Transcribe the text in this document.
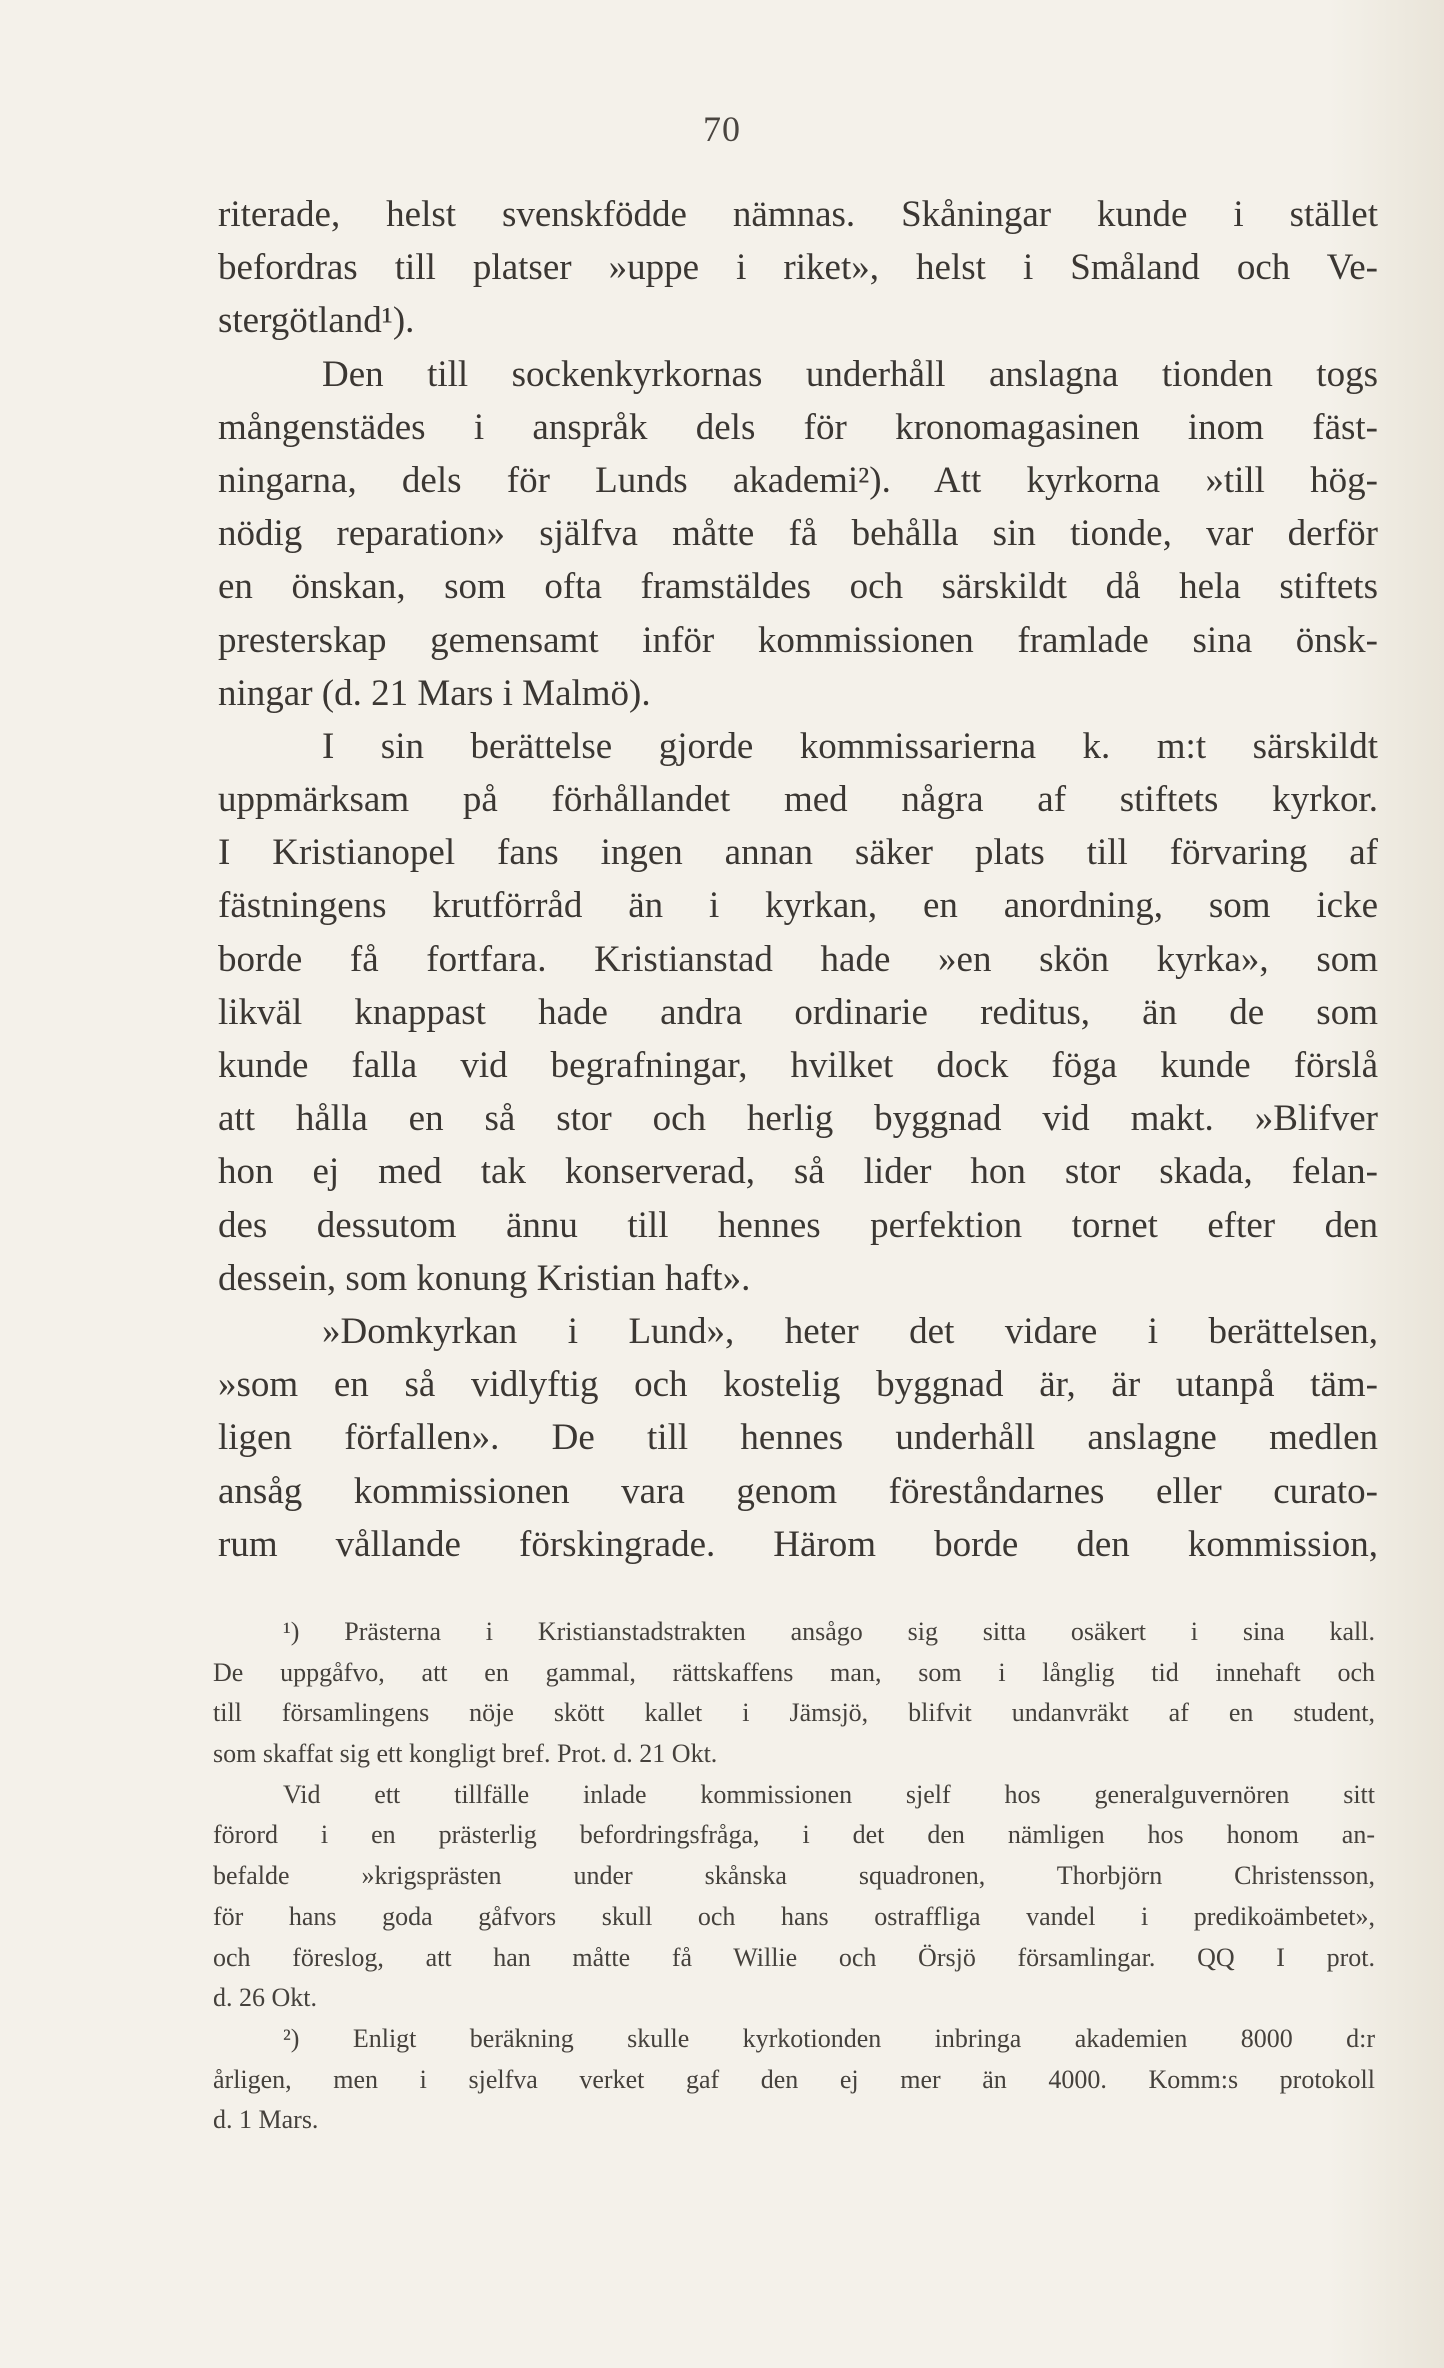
70
riterade, helst svenskfödde nämnas. Skåningar kunde i stället
befordras till platser »uppe i riket», helst i Småland och Ve-
stergötland¹).
Den till sockenkyrkornas underhåll anslagna tionden togs
mångenstädes i anspråk dels för kronomagasinen inom fäst-
ningarna, dels för Lunds akademi²). Att kyrkorna »till hög-
nödig reparation» själfva måtte få behålla sin tionde, var derför
en önskan, som ofta framstäldes och särskildt då hela stiftets
presterskap gemensamt inför kommissionen framlade sina önsk-
ningar (d. 21 Mars i Malmö).
I sin berättelse gjorde kommissarierna k. m:t särskildt
uppmärksam på förhållandet med några af stiftets kyrkor.
I Kristianopel fans ingen annan säker plats till förvaring af
fästningens krutförråd än i kyrkan, en anordning, som icke
borde få fortfara. Kristianstad hade »en skön kyrka», som
likväl knappast hade andra ordinarie reditus, än de som
kunde falla vid begrafningar, hvilket dock föga kunde förslå
att hålla en så stor och herlig byggnad vid makt. »Blifver
hon ej med tak konserverad, så lider hon stor skada, felan-
des dessutom ännu till hennes perfektion tornet efter den
dessein, som konung Kristian haft».
»Domkyrkan i Lund», heter det vidare i berättelsen,
»som en så vidlyftig och kostelig byggnad är, är utanpå täm-
ligen förfallen». De till hennes underhåll anslagne medlen
ansåg kommissionen vara genom föreståndarnes eller curato-
rum vållande förskingrade. Härom borde den kommission,
¹) Prästerna i Kristianstadstrakten ansågo sig sitta osäkert i sina kall.
De uppgåfvo, att en gammal, rättskaffens man, som i långlig tid innehaft och
till församlingens nöje skött kallet i Jämsjö, blifvit undanvräkt af en student,
som skaffat sig ett kongligt bref. Prot. d. 21 Okt.
Vid ett tillfälle inlade kommissionen sjelf hos generalguvernören sitt
förord i en prästerlig befordringsfråga, i det den nämligen hos honom an-
befalde »krigsprästen under skånska squadronen, Thorbjörn Christensson,
för hans goda gåfvors skull och hans ostraffliga vandel i predikoämbetet»,
och föreslog, att han måtte få Willie och Örsjö församlingar. QQ I prot.
d. 26 Okt.
²) Enligt beräkning skulle kyrkotionden inbringa akademien 8000 d:r
årligen, men i sjelfva verket gaf den ej mer än 4000. Komm:s protokoll
d. 1 Mars.
